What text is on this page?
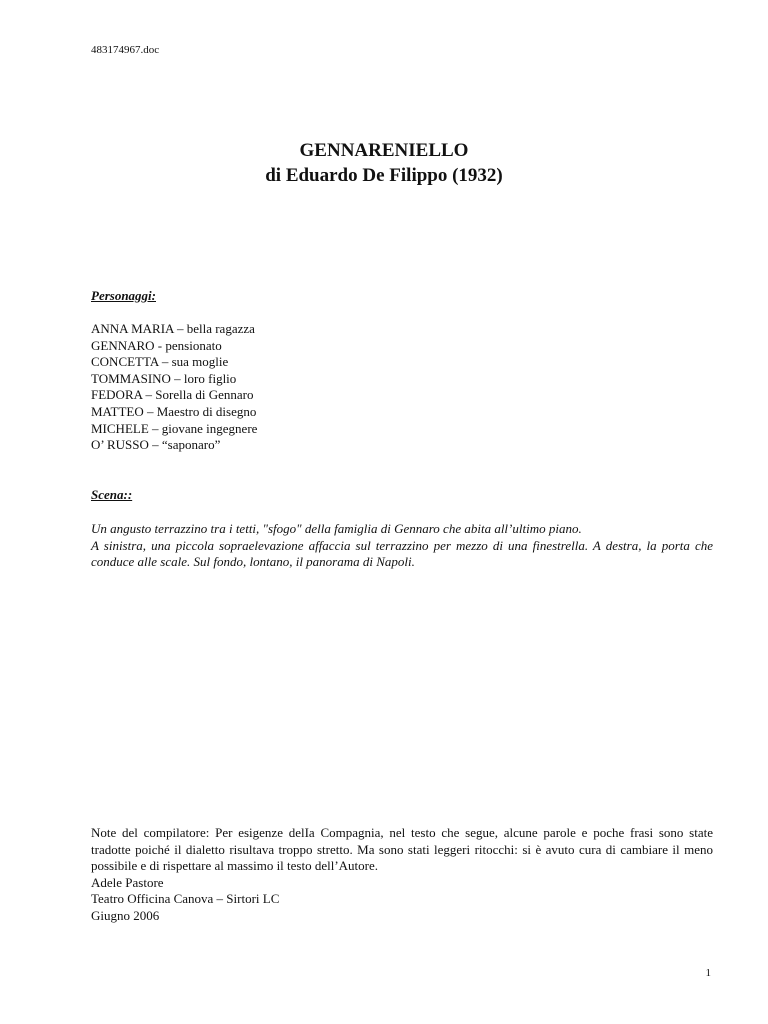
483174967.doc
GENNARENIELLO
di Eduardo De Filippo (1932)
Personaggi:
ANNA MARIA – bella ragazza
GENNARO - pensionato
CONCETTA – sua moglie
TOMMASINO – loro figlio
FEDORA – Sorella di Gennaro
MATTEO – Maestro di disegno
MICHELE – giovane ingegnere
O’ RUSSO – “saponaro”
Scena::
Un angusto terrazzino tra i tetti, "sfogo" della famiglia di Gennaro che abita all’ultimo piano.
A sinistra, una piccola sopraelevazione affaccia sul terrazzino per mezzo di una finestrella. A destra, la porta che conduce alle scale. Sul fondo, lontano, il panorama di Napoli.
Note del compilatore: Per esigenze delIa Compagnia, nel testo che segue, alcune parole e poche frasi sono state tradotte poiché il dialetto risultava troppo stretto. Ma sono stati leggeri ritocchi: si è avuto cura di cambiare il meno possibile e di rispettare al massimo il testo dell’Autore.
Adele Pastore
Teatro Officina Canova – Sirtori LC
Giugno 2006
1
